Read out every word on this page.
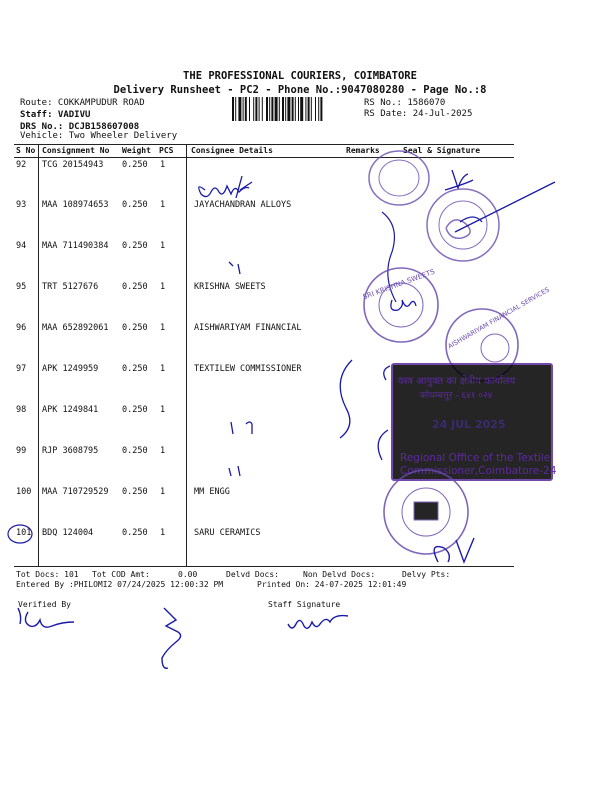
THE PROFESSIONAL COURIERS, COIMBATORE
Delivery Runsheet - PC2 - Phone No.:9047080280 - Page No.:8
Route: COKKAMPUDUR ROAD
Staff: VADIVU
DRS No.: DCJB158607008
Vehicle: Two Wheeler Delivery
RS No.: 1586070
RS Date: 24-Jul-2025
S No Consignment No Weight PCS Consignee Details	Remarks	Seal & Signature
92 TCG 20154943 0.250 1
93 MAA 108974653 0.250 1	JAYACHANDRAN ALLOYS
94 MAA 711490384 0.250 1
95 TRT 5127676	0.250 1	KRISHNA SWEETS
96 MAA 652892061 0.250 1	AISHWARIYAM FINANCIAL
97 APK 1249959	0.250 1	TEXTILEW COMMISSIONER
98 APK 1249841	0.250 1
99 RJP 3608795	0.250 1
100 MAA 710729529 0.250 1	MM ENGG
101 BDQ 124004	0.250 1	SARU CERAMICS
Tot Docs: 101 Tot COD Amt:	0.00	Delvd Docs:	Non Delvd Docs:	Delvy Pts:
Entered By :PHILOMI2 07/24/2025 12:00:32 PM	Printed On: 24-07-2025 12:01:49
Verified By	Staff Signature
SRI KRISHNA SWEETS
AISHWARIYAM FINANCIAL SERVICES
वस्त्र आयुक्त का क्षेत्रीय कार्यालय
कोयम्बत्तूर - ६४१ ०२४
24 JUL 2025
Regional Office of the Textile
Commissioner,Coimbatore-24
